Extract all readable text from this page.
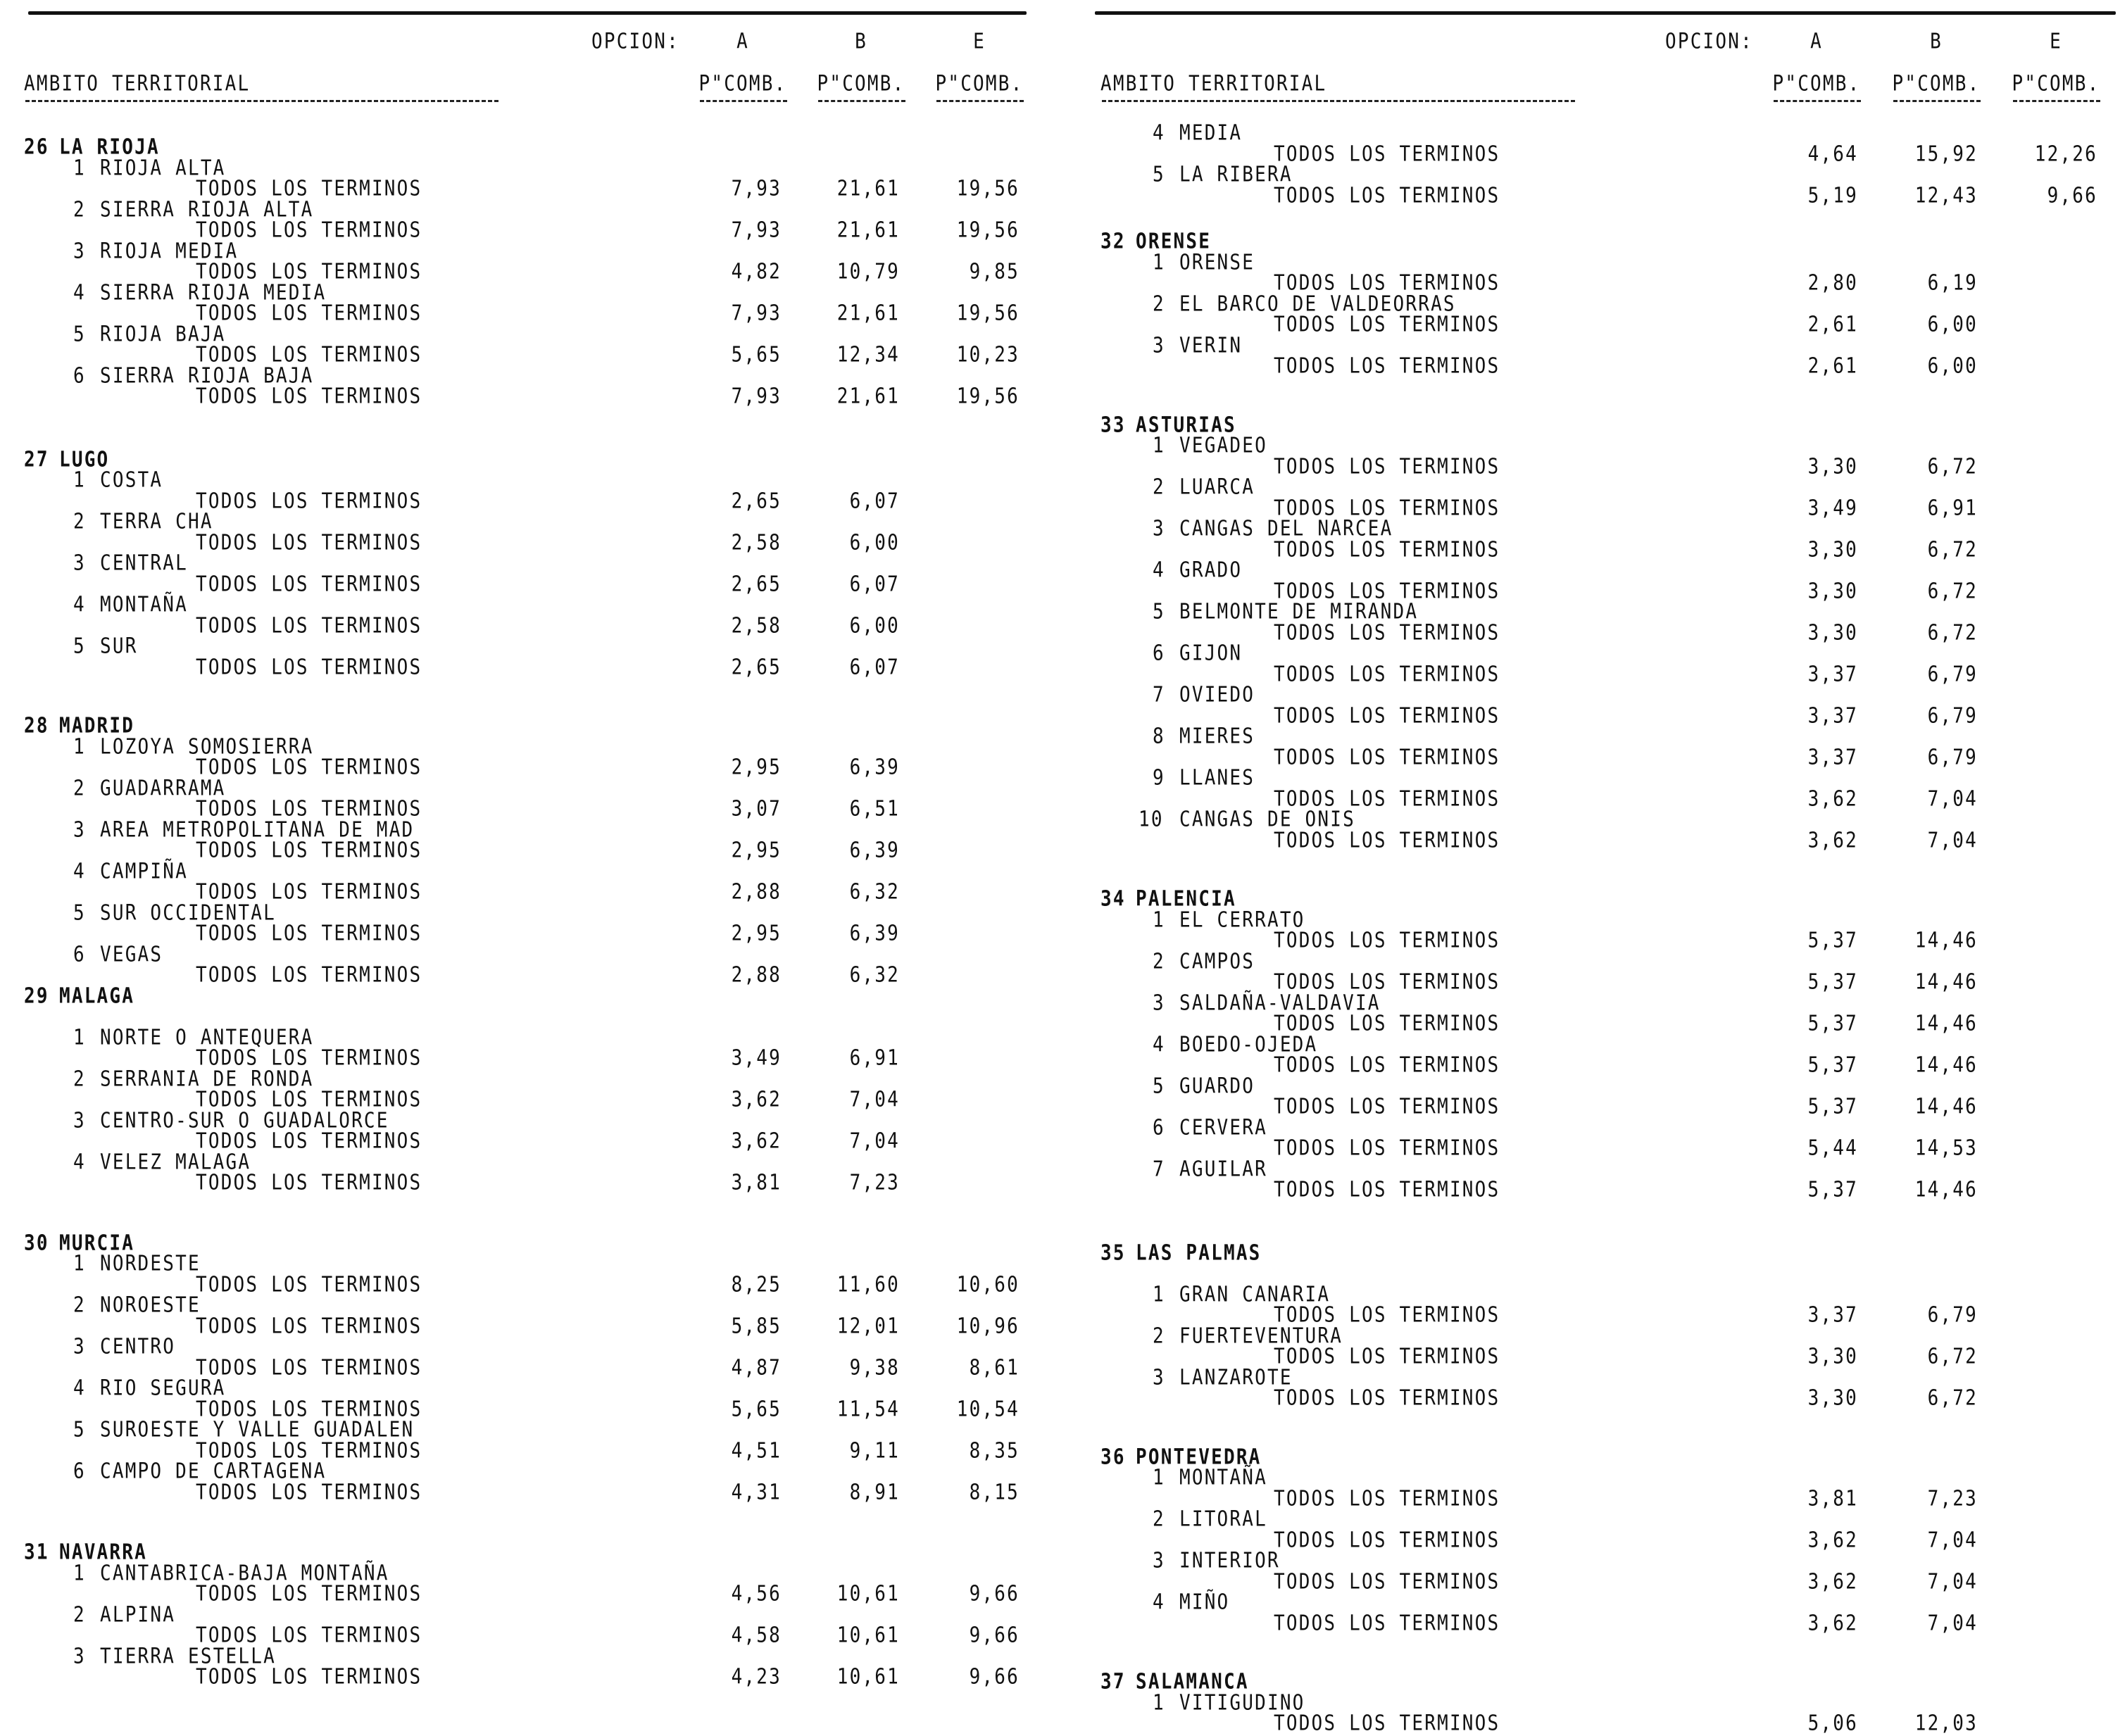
OPCION:	A	B	E
AMBITO TERRITORIAL	P"COMB. P"COMB. P"COMB.
26 LA RIOJA
1 RIOJA ALTA
TODOS LOS TERMINOS	7,93	21,61	19,56
2 SIERRA RIOJA ALTA
TODOS LOS TERMINOS	7,93	21,61	19,56
3 RIOJA MEDIA
TODOS LOS TERMINOS	4,82	10,79	9,85
4 SIERRA RIOJA MEDIA
TODOS LOS TERMINOS	7,93	21,61	19,56
5 RIOJA BAJA
TODOS LOS TERMINOS	5,65	12,34	10,23
6 SIERRA RIOJA BAJA
TODOS LOS TERMINOS	7,93	21,61	19,56
27 LUGO
1 COSTA
TODOS LOS TERMINOS	2,65	6,07
2 TERRA CHA
TODOS LOS TERMINOS	2,58	6,00
3 CENTRAL
TODOS LOS TERMINOS	2,65	6,07
4 MONTAÑA
TODOS LOS TERMINOS	2,58	6,00
5 SUR
TODOS LOS TERMINOS	2,65	6,07
28 MADRID
1 LOZOYA SOMOSIERRA
TODOS LOS TERMINOS	2,95	6,39
2 GUADARRAMA
TODOS LOS TERMINOS	3,07	6,51
3 AREA METROPOLITANA DE MAD
TODOS LOS TERMINOS	2,95	6,39
4 CAMPIÑA
TODOS LOS TERMINOS	2,88	6,32
5 SUR OCCIDENTAL
TODOS LOS TERMINOS	2,95	6,39
6 VEGAS
TODOS LOS TERMINOS	2,88	6,32
29 MALAGA
1 NORTE O ANTEQUERA
TODOS LOS TERMINOS	3,49	6,91
2 SERRANIA DE RONDA
TODOS LOS TERMINOS	3,62	7,04
3 CENTRO-SUR O GUADALORCE
TODOS LOS TERMINOS	3,62	7,04
4 VELEZ MALAGA
TODOS LOS TERMINOS	3,81	7,23
30 MURCIA
1 NORDESTE
TODOS LOS TERMINOS	8,25	11,60	10,60
2 NOROESTE
TODOS LOS TERMINOS	5,85	12,01	10,96
3 CENTRO
TODOS LOS TERMINOS	4,87	9,38	8,61
4 RIO SEGURA
TODOS LOS TERMINOS	5,65	11,54	10,54
5 SUROESTE Y VALLE GUADALEN
TODOS LOS TERMINOS	4,51	9,11	8,35
6 CAMPO DE CARTAGENA
TODOS LOS TERMINOS	4,31	8,91	8,15
31 NAVARRA
1 CANTABRICA-BAJA MONTAÑA
TODOS LOS TERMINOS	4,56	10,61	9,66
2 ALPINA
TODOS LOS TERMINOS	4,58	10,61	9,66
3 TIERRA ESTELLA
TODOS LOS TERMINOS	4,23	10,61	9,66
OPCION:	A	B	E
AMBITO TERRITORIAL	P"COMB. P"COMB. P"COMB.
4 MEDIA
TODOS LOS TERMINOS	4,64	15,92	12,26
5 LA RIBERA
TODOS LOS TERMINOS	5,19	12,43	9,66
32 ORENSE
1 ORENSE
TODOS LOS TERMINOS	2,80	6,19
2 EL BARCO DE VALDEORRAS
TODOS LOS TERMINOS	2,61	6,00
3 VERIN
TODOS LOS TERMINOS	2,61	6,00
33 ASTURIAS
1 VEGADEO
TODOS LOS TERMINOS	3,30	6,72
2 LUARCA
TODOS LOS TERMINOS	3,49	6,91
3 CANGAS DEL NARCEA
TODOS LOS TERMINOS	3,30	6,72
4 GRADO
TODOS LOS TERMINOS	3,30	6,72
5 BELMONTE DE MIRANDA
TODOS LOS TERMINOS	3,30	6,72
6 GIJON
TODOS LOS TERMINOS	3,37	6,79
7 OVIEDO
TODOS LOS TERMINOS	3,37	6,79
8 MIERES
TODOS LOS TERMINOS	3,37	6,79
9 LLANES
TODOS LOS TERMINOS	3,62	7,04
10 CANGAS DE ONIS
TODOS LOS TERMINOS	3,62	7,04
34 PALENCIA
1 EL CERRATO
TODOS LOS TERMINOS	5,37	14,46
2 CAMPOS
TODOS LOS TERMINOS	5,37	14,46
3 SALDAÑA-VALDAVIA
TODOS LOS TERMINOS	5,37	14,46
4 BOEDO-OJEDA
TODOS LOS TERMINOS	5,37	14,46
5 GUARDO
TODOS LOS TERMINOS	5,37	14,46
6 CERVERA
TODOS LOS TERMINOS	5,44	14,53
7 AGUILAR
TODOS LOS TERMINOS	5,37	14,46
35 LAS PALMAS
1 GRAN CANARIA
TODOS LOS TERMINOS	3,37	6,79
2 FUERTEVENTURA
TODOS LOS TERMINOS	3,30	6,72
3 LANZAROTE
TODOS LOS TERMINOS	3,30	6,72
36 PONTEVEDRA
1 MONTAÑA
TODOS LOS TERMINOS	3,81	7,23
2 LITORAL
TODOS LOS TERMINOS	3,62	7,04
3 INTERIOR
TODOS LOS TERMINOS	3,62	7,04
4 MIÑO
TODOS LOS TERMINOS	3,62	7,04
37 SALAMANCA
1 VITIGUDINO
TODOS LOS TERMINOS	5,06	12,03
